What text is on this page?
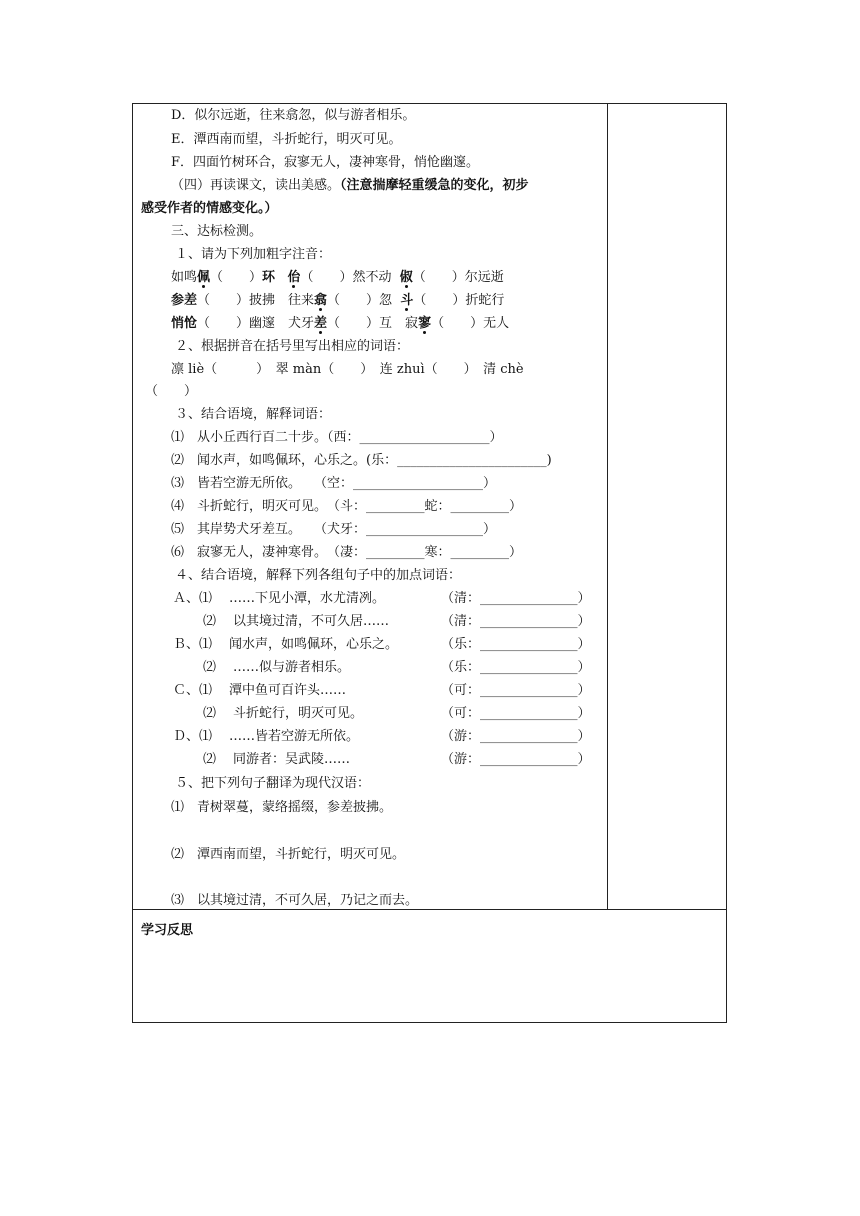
D．似尔远逝，往来翕忽，似与游者相乐。
E．潭西南而望，斗折蛇行，明灭可见。
F．四面竹树环合，寂寥无人，凄神寒骨，悄怆幽邃。
（四）再读课文，读出美感。（注意揣摩轻重缓急的变化，初步
感受作者的情感变化。）
三、达标检测。
１、请为下列加粗字注音：
如鸣佩（　　）环 佁（　　）然不动 俶（　　）尔远逝
参差（　　）披拂　往来翕（　　）忽 斗（　　）折蛇行
悄怆（　　）幽邃　犬牙差（　　）互　寂寥（　　）无人
２、根据拼音在括号里写出相应的词语：
凛 liè（　　　）　翠 màn（　　）　连 zhuì（　　）　清 chè
（　　）
３、结合语境，解释词语：
⑴　从小丘西行百二十步。（西：____________________）
⑵　闻水声，如鸣佩环，心乐之。(乐：_______________________)
⑶　皆若空游无所依。　　（空：____________________）
⑷　斗折蛇行，明灭可见。　（斗：_________蛇：_________）
⑸　其岸势犬牙差互。　　（犬牙：__________________）
⑹　寂寥无人，凄神寒骨。　（凄：_________寒：_________）
４、结合语境，解释下列各组句子中的加点词语：
Ａ、⑴ ……下见小潭，水尤清冽。	（清：_______________）
⑵ 以其境过清，不可久居……	（清：_______________）
Ｂ、⑴ 闻水声，如鸣佩环，心乐之。	（乐：_______________）
⑵ ……似与游者相乐。	（乐：_______________）
Ｃ、⑴ 潭中鱼可百许头……	（可：_______________）
⑵ 斗折蛇行，明灭可见。	（可：_______________）
Ｄ、⑴ ……皆若空游无所依。	（游：_______________）
⑵ 同游者：吴武陵……	（游：_______________）
５、把下列句子翻译为现代汉语：
⑴　青树翠蔓，蒙络摇缀，参差披拂。
⑵　潭西南而望，斗折蛇行，明灭可见。
⑶　以其境过清，不可久居，乃记之而去。
学习反思
